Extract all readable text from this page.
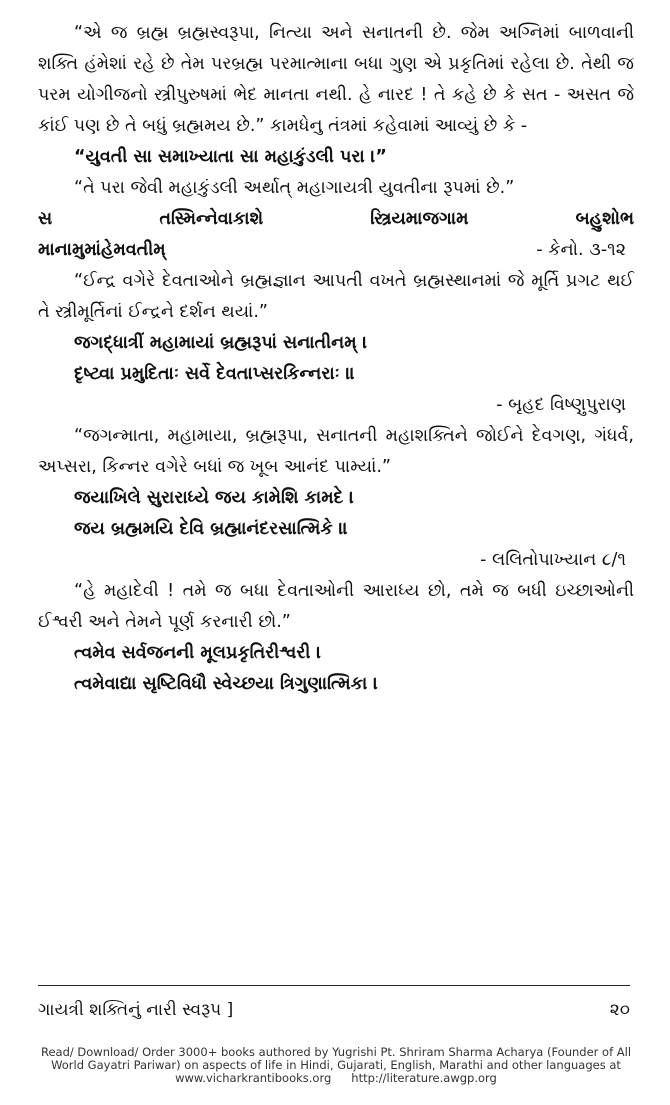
“એ જ બ્રહ્મ બ્રહ્મસ્વરૂપા, નિત્યા અને સનાતની છે. જેમ અગ્નિમાં બાળવાની શક્તિ હંમેશાં રહે છે તેમ પરબ્રહ્મ પરમાત્માના બધા ગુણ એ પ્રકૃતિમાં રહેલા છે. તેથી જ પરમ યોગીજનો સ્ત્રીપુરુષમાં ભેદ માનતા નથી. હે નારદ ! તે કહે છે કે સત - અસત જે કાંઈ પણ છે તે બધું બ્રહ્મમય છે.” કામધેનુ તંત્રમાં કહેવામાં આવ્યું છે કે -

“યુવતી સા સમાખ્યાતા સા મહાકુંડલી પરા ।”

“તે પરા જેવી મહાકુંડલી અર્થાત્ મહાગાયત્રી યુવતીના રૂપમાં છે.”

સ	તસ્મિન્નેવાકાશે	સ્ત્રિયમાજગામ	બહુશોભ
માનામુમાંહેમવતીમ્	- કેનો. ૩-૧૨

“ઈન્દ્ર વગેરે દેવતાઓને બ્રહ્મજ્ઞાન આપતી વખતે બ્રહ્મસ્થાનમાં જે મૂર્તિ પ્રગટ થઈ તે સ્ત્રીમૂર્તિનાં ઈન્દ્રને દર્શન થયાં.”

જગદ્ધાત્રીં મહામાયાં બ્રહ્મરૂપાં સનાતીનમ્ ।
દૃષ્ટ્વા પ્રમુદિતાઃ સર્વે દેવતાપ્સરકિન્નરાઃ ॥

- બૃહદ વિષ્ણુપુરાણ

“જગન્માતા, મહામાયા, બ્રહ્મરૂપા, સનાતની મહાશક્તિને જોઈને દેવગણ, ગંધર્વ, અપ્સરા, કિન્નર વગેરે બધાં જ ખૂબ આનંદ પામ્યાં.”

જયાખિલે સુરારાધ્યે જય કામેશિ કામદે ।
જય બ્રહ્મમયિ દેવિ બ્રહ્માનંદરસાત્મિકે ॥

- લલિતોપાખ્યાન ૮/૧

“હે મહાદેવી ! તમે જ બધા દેવતાઓની આરાધ્ય છો, તમે જ બધી ઇચ્છાઓની ઈશ્વરી અને તેમને પૂર્ણ કરનારી છો.”

ત્વમેવ સર્વજનની મૂલપ્રકૃતિરીશ્વરી ।
ત્વમેવાદ્યા સૃષ્ટિવિધૌ સ્વેચ્છયા ત્રિગુણાત્મિકા ।

ગાયત્રી શક્તિનું નારી સ્વરૂપ ]	૨૦
Read/ Download/ Order 3000+ books authored by Yugrishi Pt. Shriram Sharma Acharya (Founder of All
World Gayatri Pariwar) on aspects of life in Hindi, Gujarati, English, Marathi and other languages at
www.vicharkrantibooks.org http://literature.awgp.org
